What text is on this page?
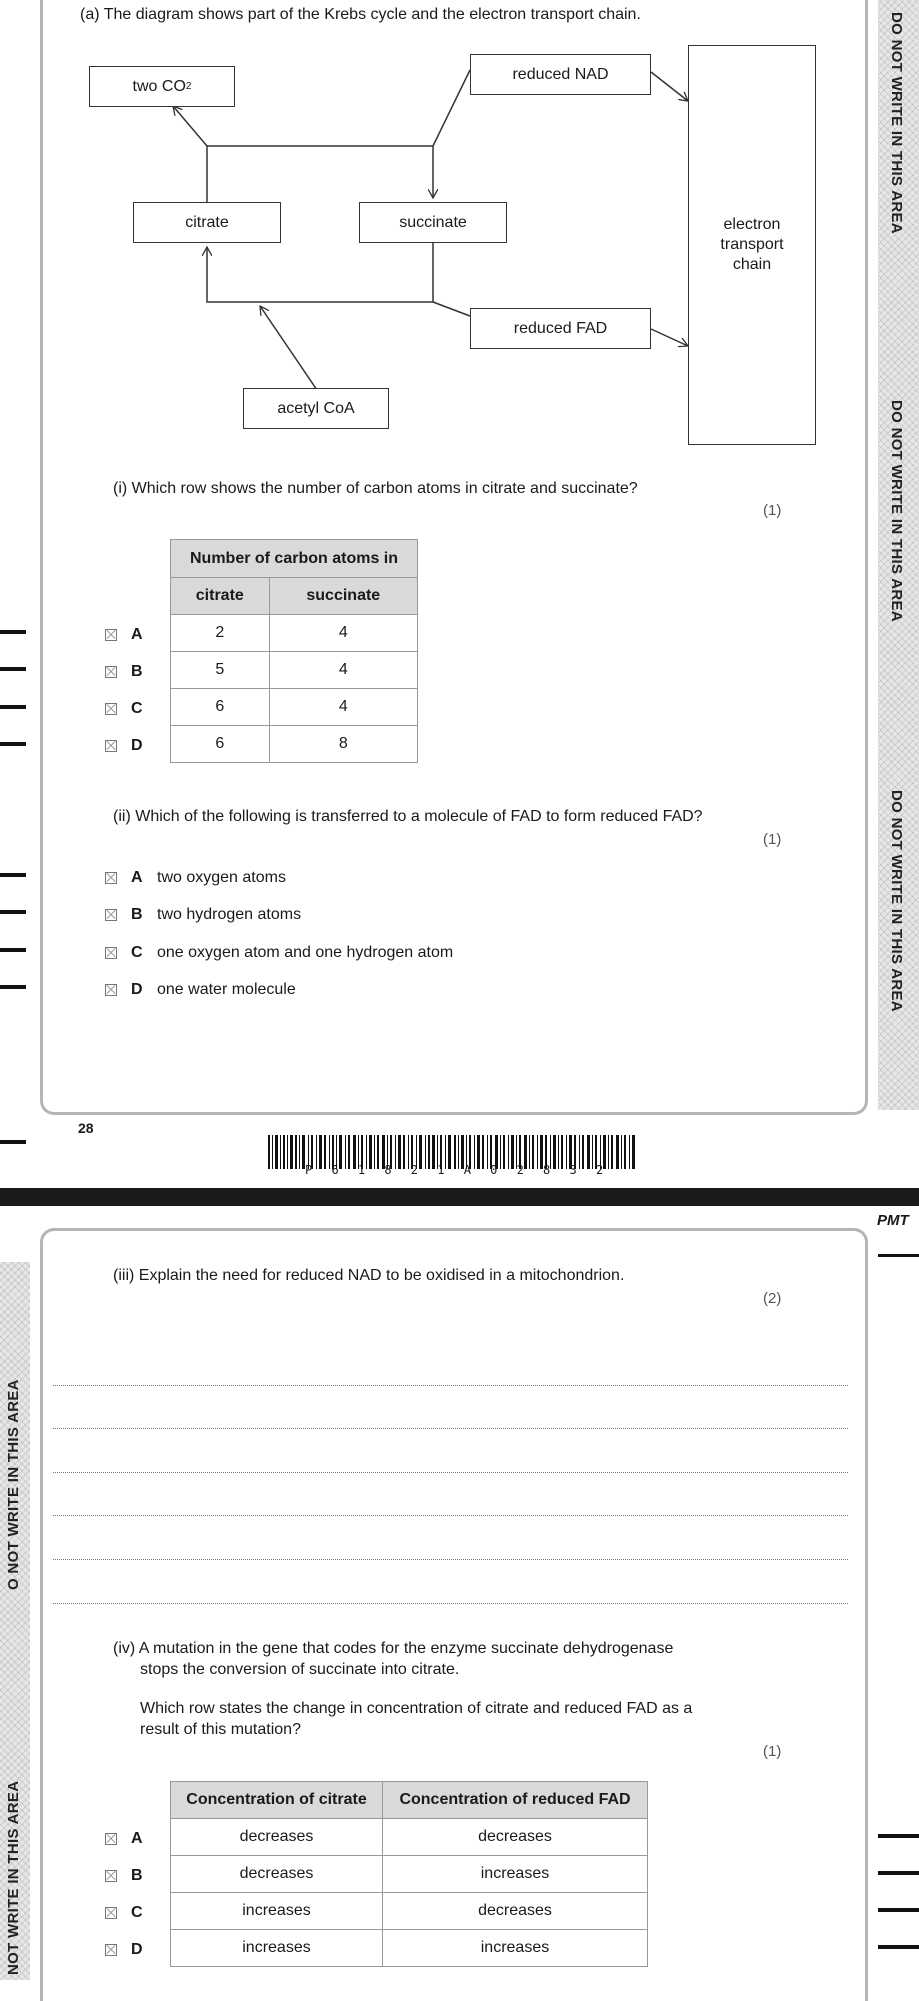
DO NOT WRITE IN THIS AREA
DO NOT WRITE IN THIS AREA
DO NOT WRITE IN THIS AREA
(a) The diagram shows part of the Krebs cycle and the electron transport chain.
two CO 2
reduced NAD
citrate	succinate
reduced FAD
acetyl CoA
electron
transport
chain
(i) Which row shows the number of carbon atoms in citrate and succinate?
(1)
Number of carbon atoms in	
citrate	succinate
2	4
5	4
6	4
6	8
A
B
C
D
(ii) Which of the following is transferred to a molecule of FAD to form reduced FAD?
(1)
A two oxygen atoms
B two hydrogen atoms
C one oxygen atom and one hydrogen atom
D one water molecule
28
P 6 1 8 2 1 A 0 2 8 3 2
PMT
O NOT WRITE IN THIS AREA
NOT WRITE IN THIS AREA
(iii) Explain the need for reduced NAD to be oxidised in a mitochondrion.
(2)
(iv) A mutation in the gene that codes for the enzyme succinate dehydrogenase
stops the conversion of succinate into citrate.
Which row states the change in concentration of citrate and reduced FAD as a
result of this mutation?
(1)
Concentration of citrate	Concentration of reduced FAD
decreases	decreases
decreases	increases
increases	decreases
increases	increases
A
B
C
D
